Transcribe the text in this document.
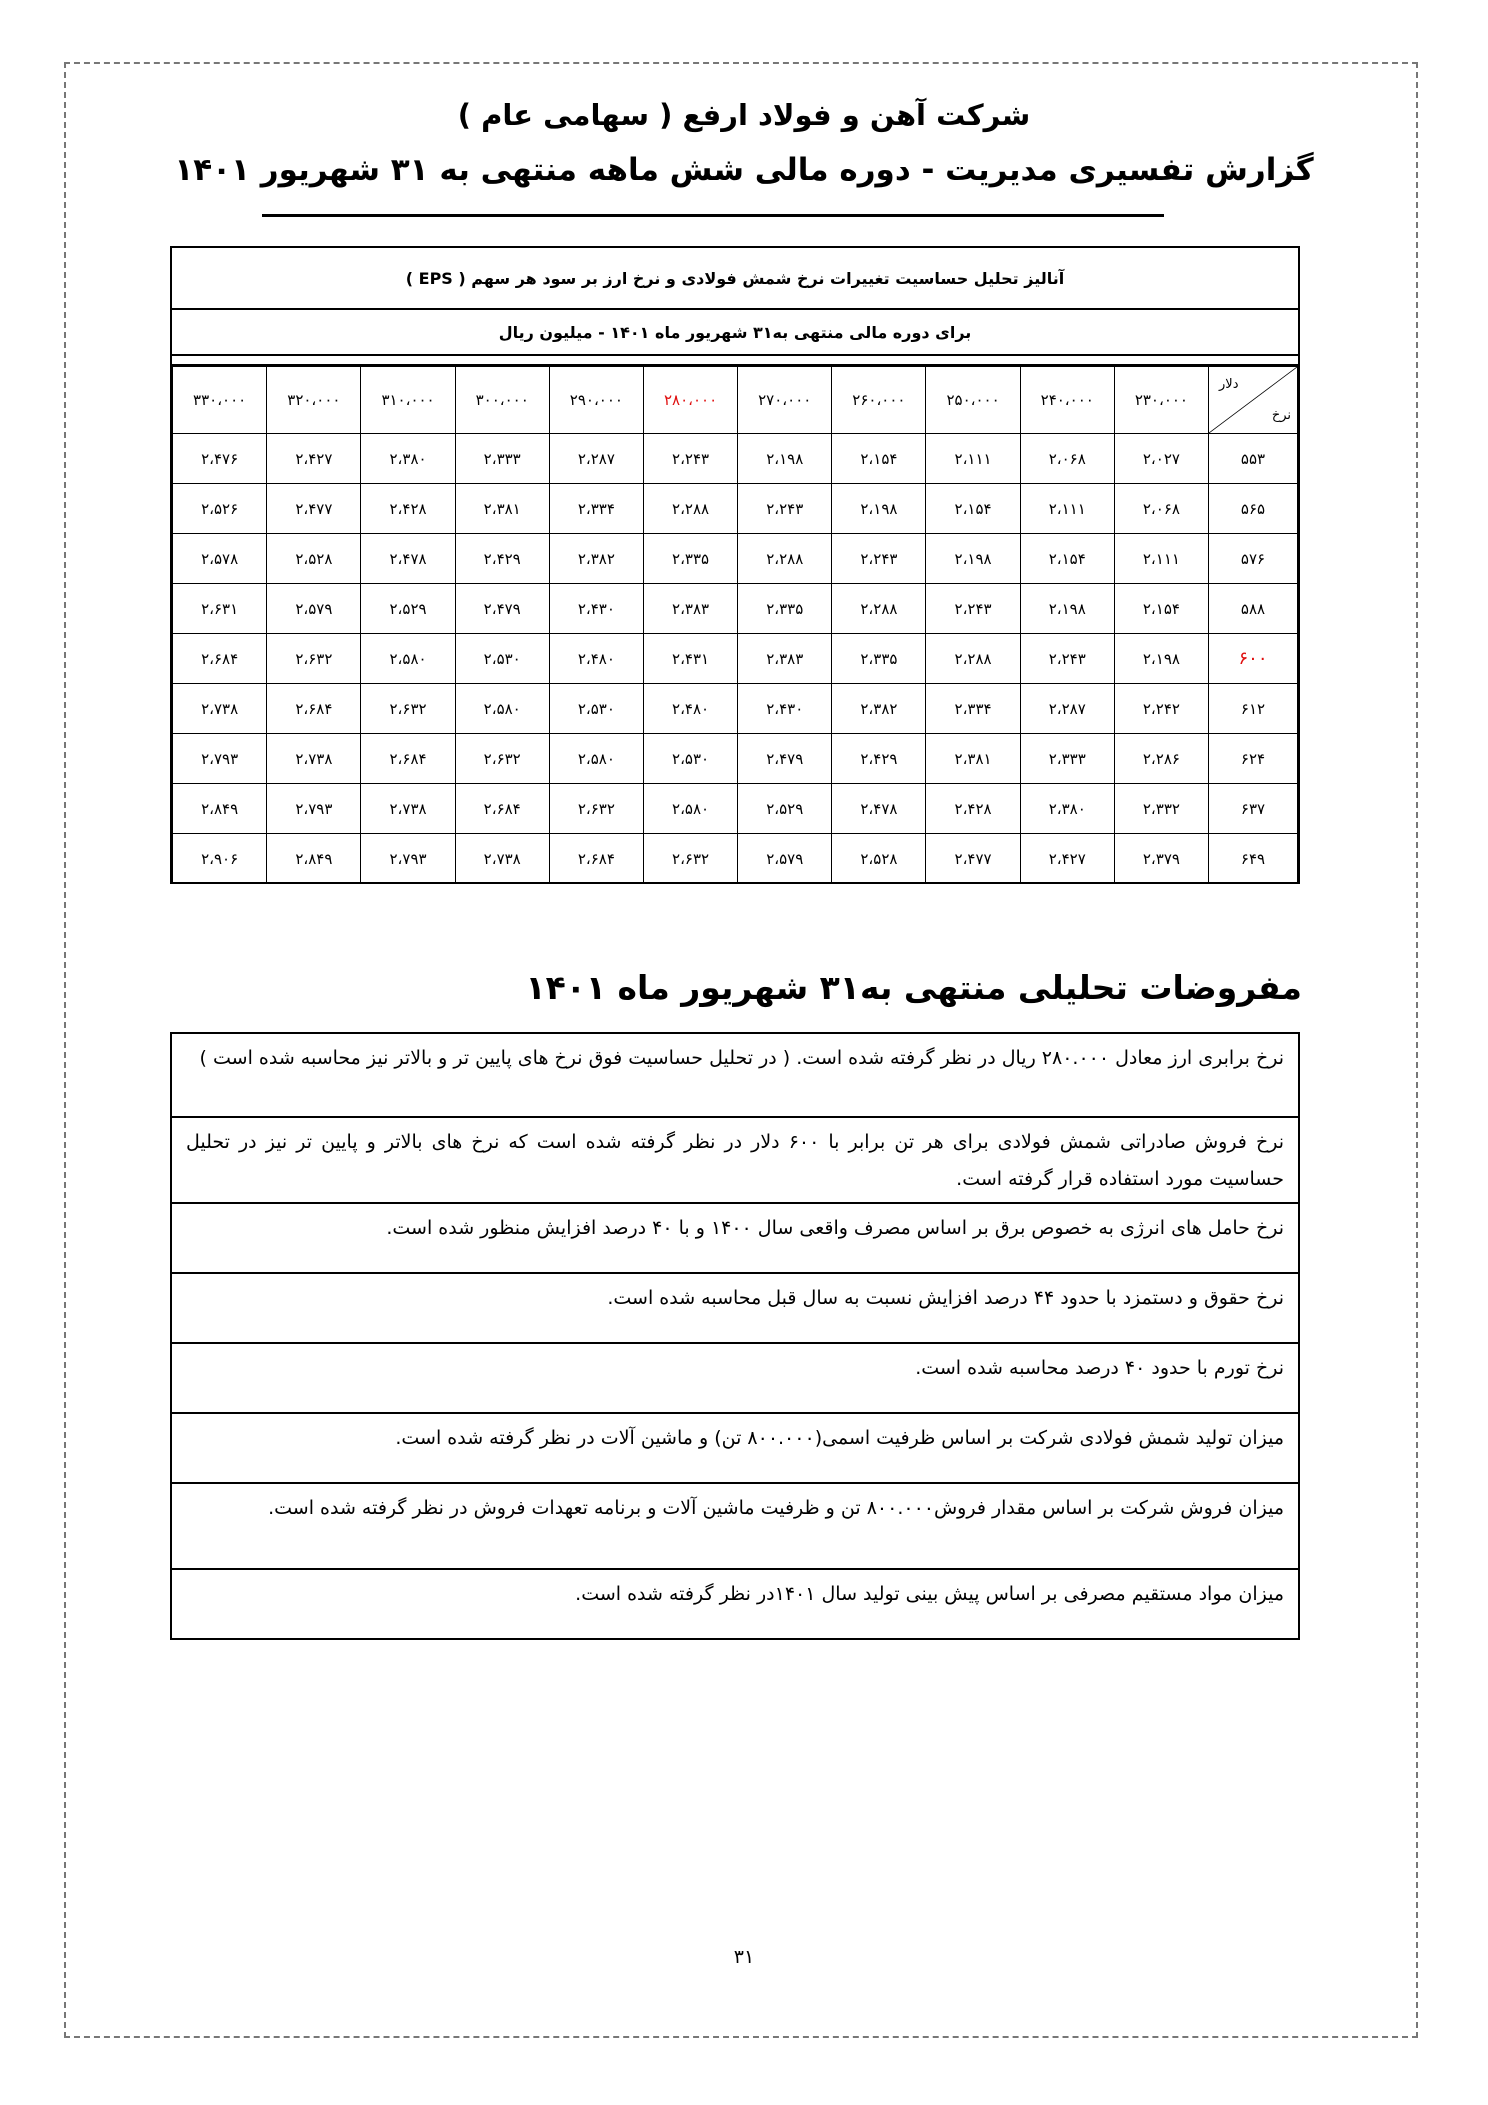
شرکت آهن و فولاد ارفع ( سهامی عام )
گزارش تفسیری مدیریت - دوره مالی شش ماهه منتهی به ۳۱ شهریور ۱۴۰۱
آنالیز تحلیل حساسیت تغییرات نرخ شمش فولادی و نرخ ارز بر سود هر سهم ( EPS )
برای دوره مالی منتهی به۳۱ شهریور ماه ۱۴۰۱ - میلیون ریال
دلار
نرخ	۲۳۰،۰۰۰	۲۴۰،۰۰۰	۲۵۰،۰۰۰	۲۶۰،۰۰۰	۲۷۰،۰۰۰	۲۸۰،۰۰۰	۲۹۰،۰۰۰	۳۰۰،۰۰۰	۳۱۰،۰۰۰	۳۲۰،۰۰۰	۳۳۰،۰۰۰
۵۵۳	۲،۰۲۷	۲،۰۶۸	۲،۱۱۱	۲،۱۵۴	۲،۱۹۸	۲،۲۴۳	۲،۲۸۷	۲،۳۳۳	۲،۳۸۰	۲،۴۲۷	۲،۴۷۶
۵۶۵	۲،۰۶۸	۲،۱۱۱	۲،۱۵۴	۲،۱۹۸	۲،۲۴۳	۲،۲۸۸	۲،۳۳۴	۲،۳۸۱	۲،۴۲۸	۲،۴۷۷	۲،۵۲۶
۵۷۶	۲،۱۱۱	۲،۱۵۴	۲،۱۹۸	۲،۲۴۳	۲،۲۸۸	۲،۳۳۵	۲،۳۸۲	۲،۴۲۹	۲،۴۷۸	۲،۵۲۸	۲،۵۷۸
۵۸۸	۲،۱۵۴	۲،۱۹۸	۲،۲۴۳	۲،۲۸۸	۲،۳۳۵	۲،۳۸۳	۲،۴۳۰	۲،۴۷۹	۲،۵۲۹	۲،۵۷۹	۲،۶۳۱
۶۰۰	۲،۱۹۸	۲،۲۴۳	۲،۲۸۸	۲،۳۳۵	۲،۳۸۳	۲،۴۳۱	۲،۴۸۰	۲،۵۳۰	۲،۵۸۰	۲،۶۳۲	۲،۶۸۴
۶۱۲	۲،۲۴۲	۲،۲۸۷	۲،۳۳۴	۲،۳۸۲	۲،۴۳۰	۲،۴۸۰	۲،۵۳۰	۲،۵۸۰	۲،۶۳۲	۲،۶۸۴	۲،۷۳۸
۶۲۴	۲،۲۸۶	۲،۳۳۳	۲،۳۸۱	۲،۴۲۹	۲،۴۷۹	۲،۵۳۰	۲،۵۸۰	۲،۶۳۲	۲،۶۸۴	۲،۷۳۸	۲،۷۹۳
۶۳۷	۲،۳۳۲	۲،۳۸۰	۲،۴۲۸	۲،۴۷۸	۲،۵۲۹	۲،۵۸۰	۲،۶۳۲	۲،۶۸۴	۲،۷۳۸	۲،۷۹۳	۲،۸۴۹
۶۴۹	۲،۳۷۹	۲،۴۲۷	۲،۴۷۷	۲،۵۲۸	۲،۵۷۹	۲،۶۳۲	۲،۶۸۴	۲،۷۳۸	۲،۷۹۳	۲،۸۴۹	۲،۹۰۶
مفروضات تحلیلی منتهی به۳۱ شهریور ماه ۱۴۰۱
نرخ برابری ارز معادل ۲۸۰.۰۰۰ ریال در نظر گرفته شده است. ( در تحلیل حساسیت فوق نرخ های پایین تر و بالاتر نیز محاسبه شده است )
نرخ فروش صادراتی شمش فولادی برای هر تن برابر با ۶۰۰ دلار در نظر گرفته شده است که نرخ های بالاتر و پایین تر نیز در تحلیل حساسیت مورد استفاده قرار گرفته است.
نرخ حامل های انرژی به خصوص برق بر اساس مصرف واقعی سال ۱۴۰۰ و با ۴۰ درصد افزایش منظور شده است.
نرخ حقوق و دستمزد با حدود ۴۴ درصد افزایش نسبت به سال قبل محاسبه شده است.
نرخ تورم با حدود ۴۰ درصد محاسبه شده است.
میزان تولید شمش فولادی شرکت بر اساس ظرفیت اسمی(۸۰۰.۰۰۰ تن) و ماشین آلات در نظر گرفته شده است.
میزان فروش شرکت بر اساس مقدار فروش۸۰۰.۰۰۰ تن و ظرفیت ماشین آلات و برنامه تعهدات فروش در نظر گرفته شده است.
میزان مواد مستقیم مصرفی بر اساس پیش بینی تولید سال ۱۴۰۱در نظر گرفته شده است.
۳۱
